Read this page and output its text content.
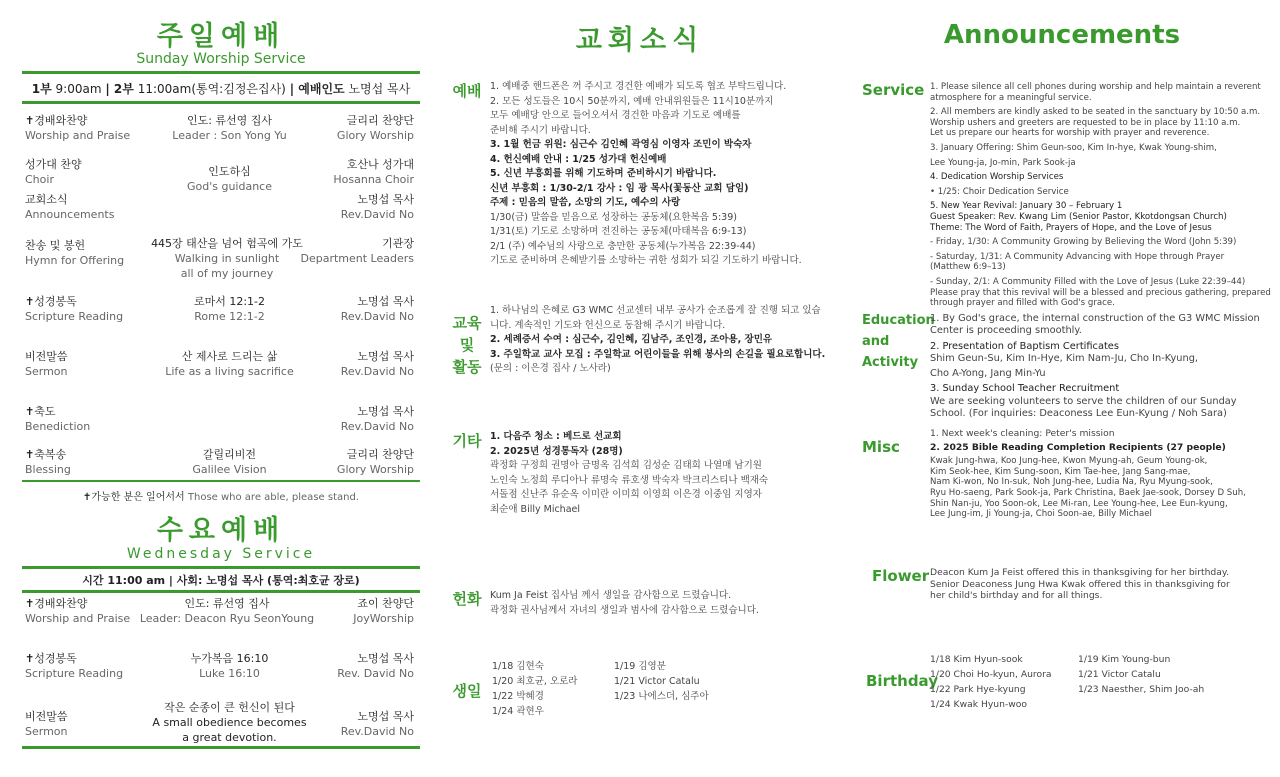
주일예배
Sunday Worship Service
1부 9:00am | 2부 11:00am(통역:김정은집사) | 예배인도 노명섭 목사
✝경배와찬양
Worship and Praise
인도: 류선영 집사
Leader : Son Yong Yu
글리리 찬양단
Glory Worship
성가대 찬양
Choir
인도하심
God's guidance
호산나 성가대
Hosanna Choir
교회소식
Announcements
노명섭 목사
Rev.David No
찬송 및 봉헌
Hymn for Offering
445장 태산을 넘어 험곡에 가도
Walking in sunlight
all of my journey
기관장
Department Leaders
✝성경봉독
Scripture Reading
로마서 12:1-2
Rome 12:1-2
노명섭 목사
Rev.David No
비전말씀
Sermon
산 제사로 드리는 삶
Life as a living sacrifice
노명섭 목사
Rev.David No
✝축도
Benediction
노명섭 목사
Rev.David No
✝축복송
Blessing
갈릴리비전
Galilee Vision
글리리 찬양단
Glory Worship
✝가능한 분은 일어서서 Those who are able, please stand.
수요예배
Wednesday Service
시간 11:00 am | 사회: 노명섭 목사 (통역:최호균 장로)
✝경배와찬양
Worship and Praise
인도: 류선영 집사
Leader: Deacon Ryu SeonYoung
죠이 찬양단
JoyWorship
✝성경봉독
Scripture Reading
누가복음 16:10
Luke 16:10
노명섭 목사
Rev. David No
비전말씀
Sermon
작은 순종이 큰 헌신이 된다
A small obedience becomes
a great devotion.
노명섭 목사
Rev.David No
교회소식
예배 1. 예배중 핸드폰은 꺼 주시고 경건한 예배가 되도록 협조 부탁드립니다.
2. 모든 성도들은 10시 50분까지, 예배 안내위원들은 11시10분까지
모두 예배당 안으로 들어오셔서 경건한 마음과 기도로 예배를
준비해 주시기 바랍니다.
3. 1월 헌금 위원: 심근수 김인혜 곽영심 이영자 조민이 박숙자
4. 헌신예배 안내 : 1/25 성가대 헌신예배
5. 신년 부흥회를 위해 기도하며 준비하시기 바랍니다.
신년 부흥회 : 1/30-2/1 강사 : 임 광 목사(꽃동산 교회 담임)
주제 : 믿음의 말씀, 소망의 기도, 예수의 사랑
1/30(금) 말씀을 믿음으로 성장하는 공동체(요한복음 5:39)
1/31(토) 기도로 소망하며 전진하는 공동체(마태복음 6:9-13)
2/1 (주) 예수님의 사랑으로 충만한 공동체(누가복음 22:39-44)
기도로 준비하며 은혜받기를 소망하는 귀한 성회가 되길 기도하기 바랍니다.
교육
및
활동
1. 하나님의 은혜로 G3 WMC 선교센터 내부 공사가 순조롭게 잘 진행 되고 있습
니다. 계속적인 기도와 헌신으로 동참해 주시기 바랍니다.
2. 세례증서 수여 : 심근수, 김인혜, 김남주, 조인경, 조아용, 장민유
3. 주일학교 교사 모집 : 주일학교 어린이들을 위해 봉사의 손길을 필요로합니다.
(문의 : 이은경 집사 / 노사라)
기타 1. 다음주 청소 : 베드로 선교회
2. 2025년 성경통독자 (28명)
곽정화 구정희 권명아 금명옥 김석희 김성순 김태희 나열매 남기원
노인숙 노정희 루디아나 류명숙 류호생 박숙자 박크리스티나 백재숙
서돌점 신난주 유순옥 이미란 이미희 이영희 이은경 이중임 지영자
최순애 Billy Michael
헌화 Kum Ja Feist 집사님 께서 생일을 감사함으로 드렸습니다.
곽정화 권사님께서 자녀의 생일과 범사에 감사함으로 드렸습니다.
생일
1/18 김현숙
1/20 최호균, 오로라
1/22 박혜경
1/24 곽현우
1/19 김영분
1/21 Victor Catalu
1/23 나에스더, 심주아
Announcements
Service 1. Please silence all cell phones during worship and help maintain a reverent
atmosphere for a meaningful service.
2. All members are kindly asked to be seated in the sanctuary by 10:50 a.m.
Worship ushers and greeters are requested to be in place by 11:10 a.m.
Let us prepare our hearts for worship with prayer and reverence.
3. January Offering: Shim Geun-soo, Kim In-hye, Kwak Young-shim,
Lee Young-ja, Jo-min, Park Sook-ja
4. Dedication Worship Services
• 1/25: Choir Dedication Service
5. New Year Revival: January 30 – February 1
Guest Speaker: Rev. Kwang Lim (Senior Pastor, Kkotdongsan Church)
Theme: The Word of Faith, Prayers of Hope, and the Love of Jesus
- Friday, 1/30: A Community Growing by Believing the Word (John 5:39)
- Saturday, 1/31: A Community Advancing with Hope through Prayer
(Matthew 6:9–13)
- Sunday, 2/1: A Community Filled with the Love of Jesus (Luke 22:39–44)
Please pray that this revival will be a blessed and precious gathering, prepared
through prayer and filled with God's grace.
Education
and
Activity
1. By God's grace, the internal construction of the G3 WMC Mission
Center is proceeding smoothly.
2. Presentation of Baptism Certificates
Shim Geun-Su, Kim In-Hye, Kim Nam-Ju, Cho In-Kyung,
Cho A-Yong, Jang Min-Yu
3. Sunday School Teacher Recruitment
We are seeking volunteers to serve the children of our Sunday
School. (For inquiries: Deaconess Lee Eun-Kyung / Noh Sara)
Misc
1. Next week's cleaning: Peter's mission
2. 2025 Bible Reading Completion Recipients (27 people)
Kwak Jung-hwa, Koo Jung-hee, Kwon Myung-ah, Geum Young-ok,
Kim Seok-hee, Kim Sung-soon, Kim Tae-hee, Jang Sang-mae,
Nam Ki-won, No In-suk, Noh Jung-hee, Ludia Na, Ryu Myung-sook,
Ryu Ho-saeng, Park Sook-ja, Park Christina, Baek Jae-sook, Dorsey D Suh,
Shin Nan-ju, Yoo Soon-ok, Lee Mi-ran, Lee Young-hee, Lee Eun-kyung,
Lee Jung-im, Ji Young-ja, Choi Soon-ae, Billy Michael
Flower Deacon Kum Ja Feist offered this in thanksgiving for her birthday.
Senior Deaconess Jung Hwa Kwak offered this in thanksgiving for
her child's birthday and for all things.
Birthday
1/18 Kim Hyun-sook
1/20 Choi Ho-kyun, Aurora
1/22 Park Hye-kyung
1/24 Kwak Hyun-woo
1/19 Kim Young-bun
1/21 Victor Catalu
1/23 Naesther, Shim Joo-ah
